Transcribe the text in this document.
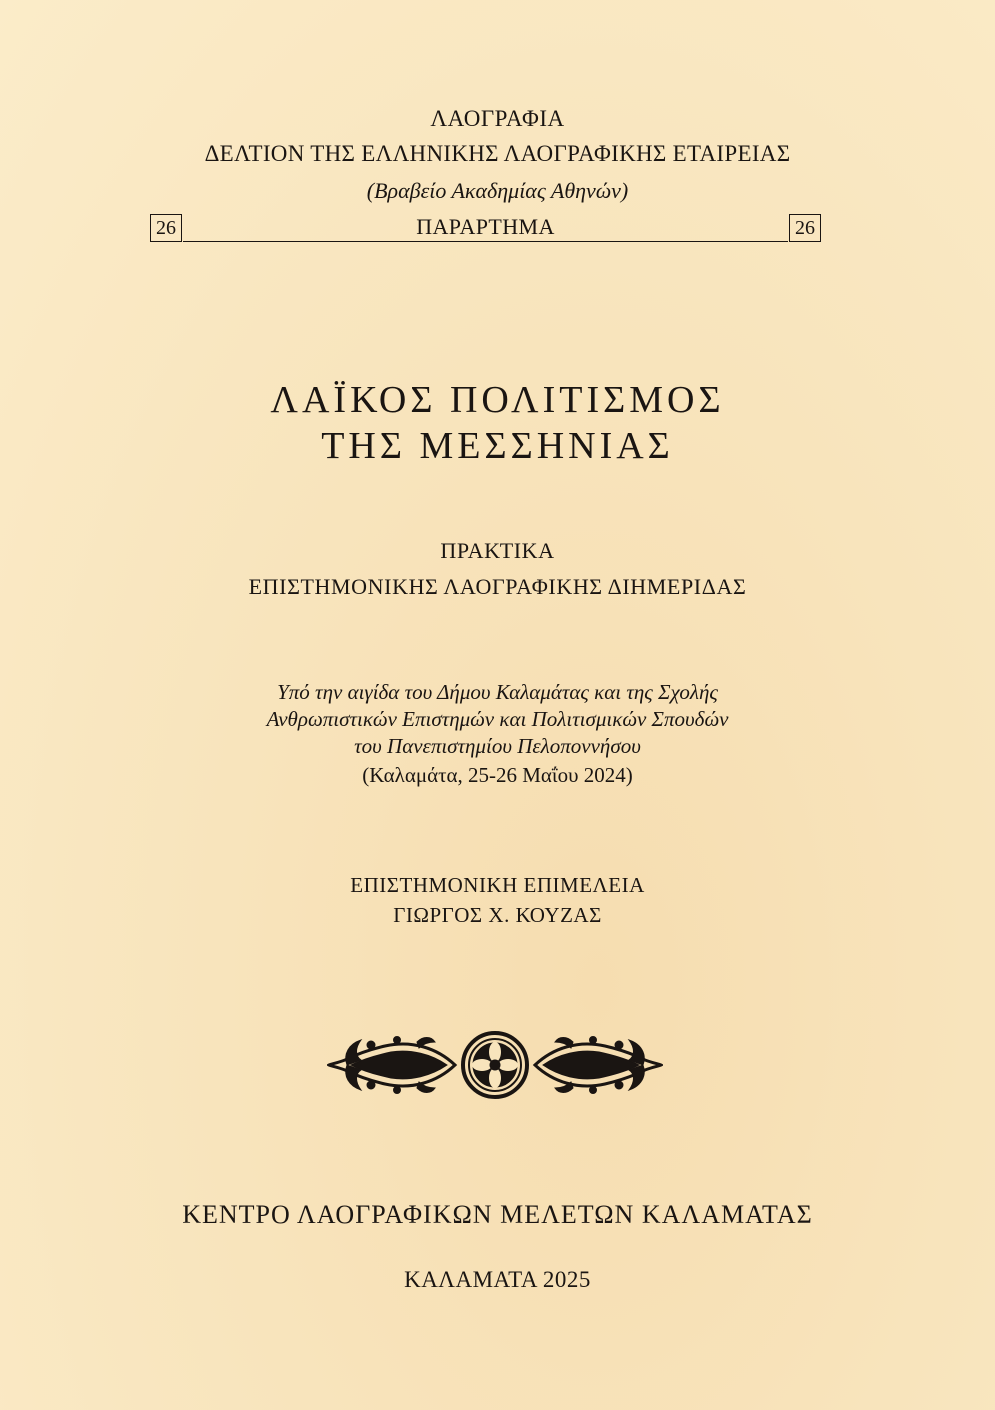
ΛΑΟΓΡΑΦΙΑ
ΔΕΛΤΙΟΝ ΤΗΣ ΕΛΛΗΝΙΚΗΣ ΛΑΟΓΡΑΦΙΚΗΣ ΕΤΑΙΡΕΙΑΣ
(Βραβείο Ακαδημίας Αθηνών)
26	ΠΑΡΑΡΤΗΜΑ	26
ΛΑΪΚΟΣ ΠΟΛΙΤΙΣΜΟΣ
ΤΗΣ ΜΕΣΣΗΝΙΑΣ
ΠΡΑΚΤΙΚΑ
ΕΠΙΣΤΗΜΟΝΙΚΗΣ ΛΑΟΓΡΑΦΙΚΗΣ ΔΙΗΜΕΡΙΔΑΣ
Υπό την αιγίδα του Δήμου Καλαμάτας και της Σχολής
Ανθρωπιστικών Επιστημών και Πολιτισμικών Σπουδών
του Πανεπιστημίου Πελοποννήσου
(Καλαμάτα, 25-26 Μαΐου 2024)
ΕΠΙΣΤΗΜΟΝΙΚΗ ΕΠΙΜΕΛΕΙΑ
ΓΙΩΡΓΟΣ Χ. ΚΟΥΖΑΣ
ΚΕΝΤΡΟ ΛΑΟΓΡΑΦΙΚΩΝ ΜΕΛΕΤΩΝ ΚΑΛΑΜΑΤΑΣ
ΚΑΛΑΜΑΤΑ 2025
